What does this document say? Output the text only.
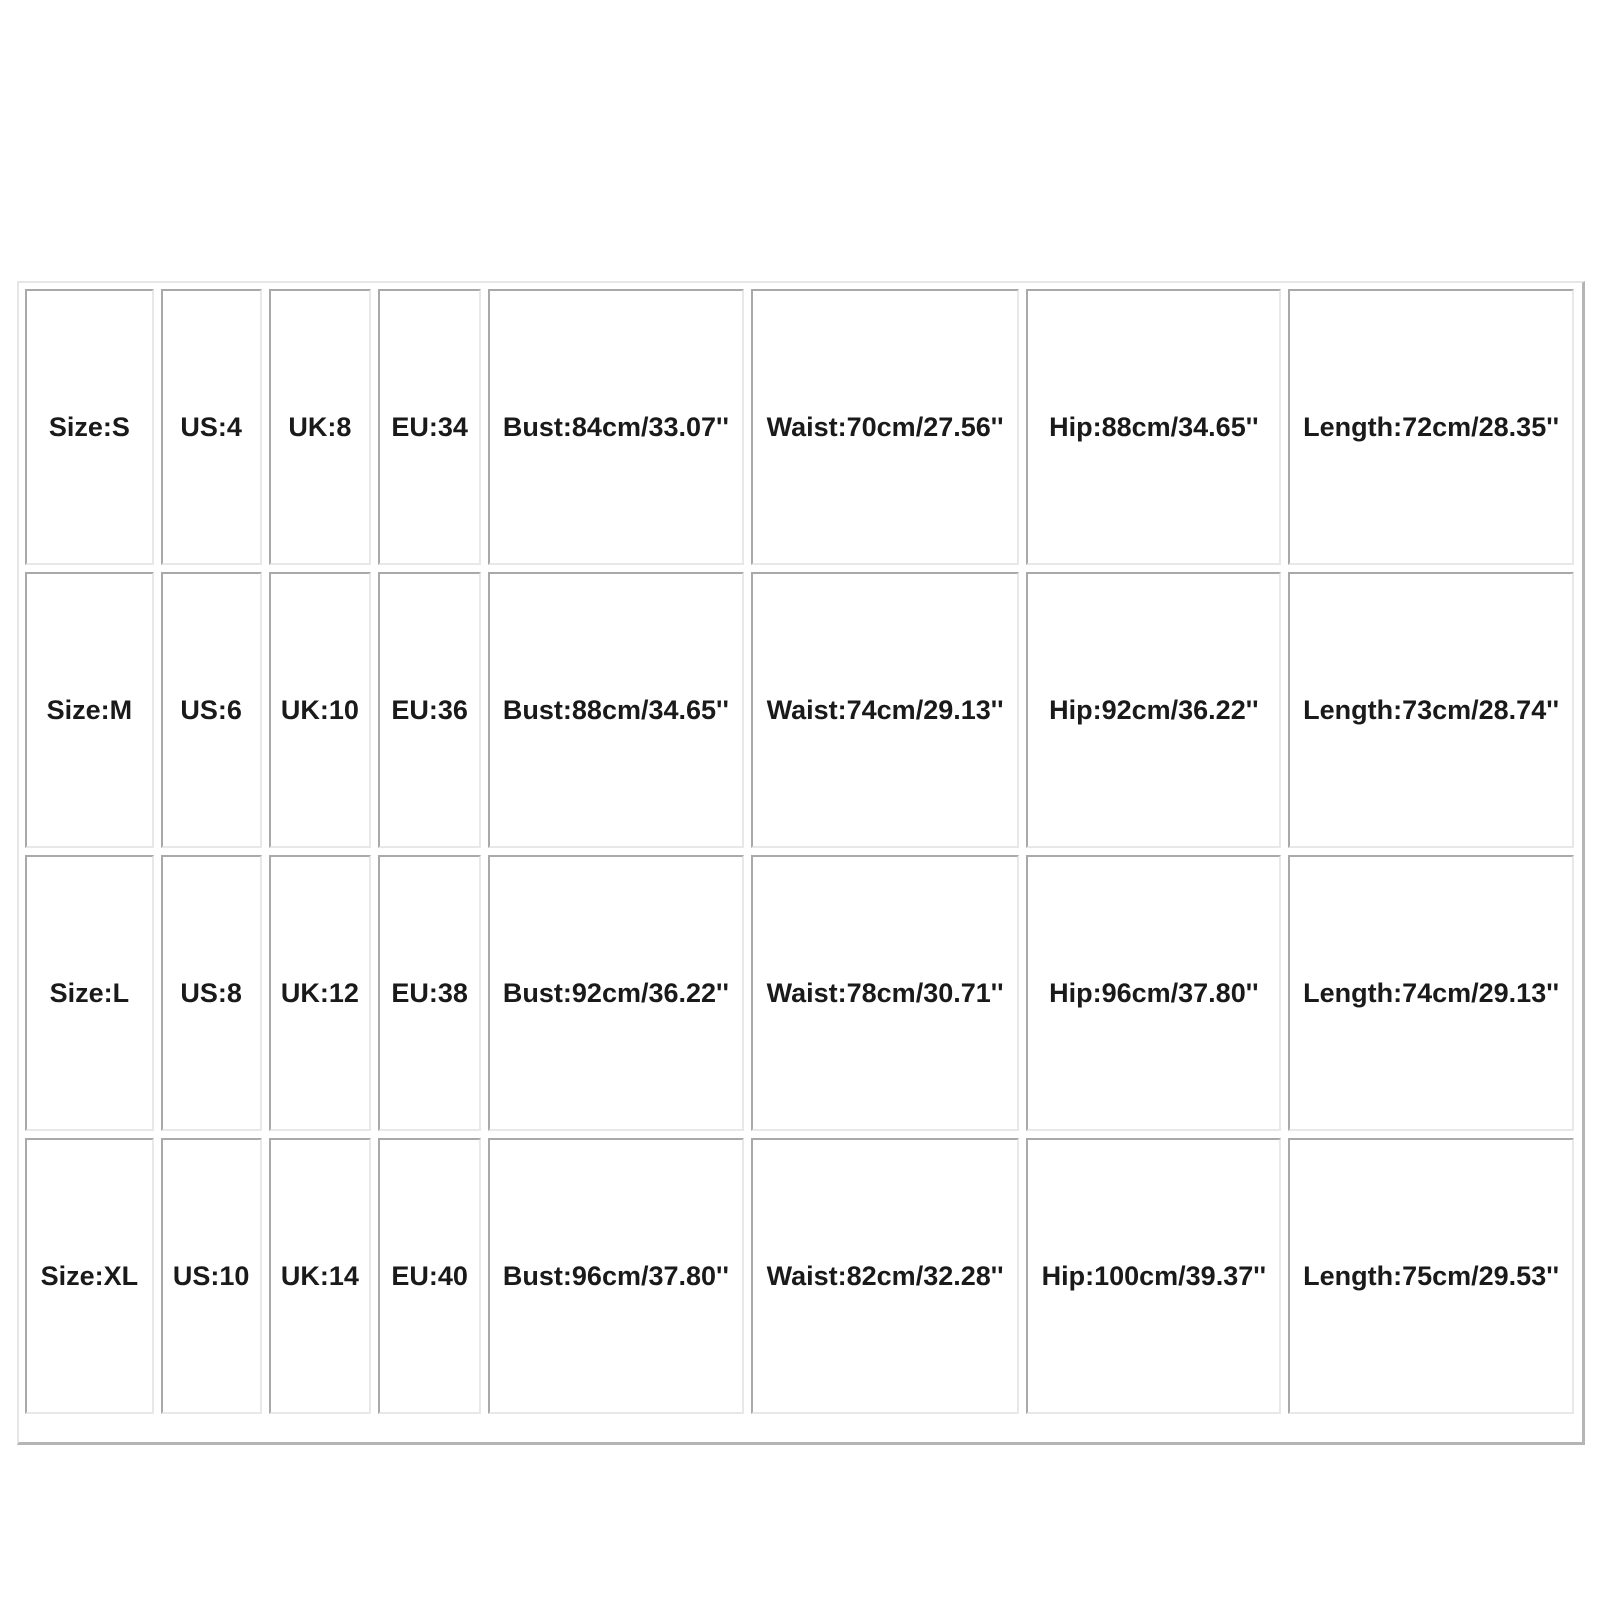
Size:S	US:4	UK:8	EU:34	Bust:84cm/33.07''	Waist:70cm/27.56''	Hip:88cm/34.65''	Length:72cm/28.35''
Size:M	US:6	UK:10	EU:36	Bust:88cm/34.65''	Waist:74cm/29.13''	Hip:92cm/36.22''	Length:73cm/28.74''
Size:L	US:8	UK:12	EU:38	Bust:92cm/36.22''	Waist:78cm/30.71''	Hip:96cm/37.80''	Length:74cm/29.13''
Size:XL	US:10	UK:14	EU:40	Bust:96cm/37.80''	Waist:82cm/32.28''	Hip:100cm/39.37''	Length:75cm/29.53''
